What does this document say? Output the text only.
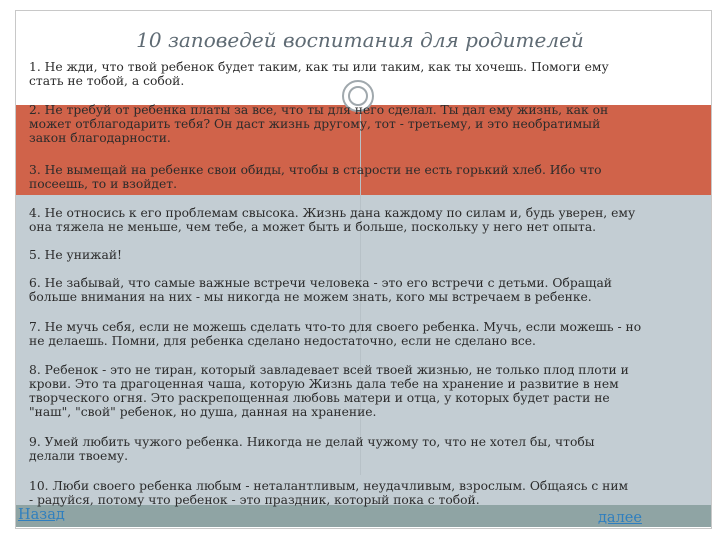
10 заповедей воспитания для родителей
1. Не жди, что твой ребенок будет таким, как ты или таким, как ты хочешь. Помоги ему
стать не тобой, а собой.
2. Не требуй от ребенка платы за все, что ты для него сделал. Ты дал ему жизнь, как он
может отблагодарить тебя? Он даст жизнь другому, тот - третьему, и это необратимый
закон благодарности.
3. Не вымещай на ребенке свои обиды, чтобы в старости не есть горький хлеб. Ибо что
посеешь, то и взойдет.
4. Не относись к его проблемам свысока. Жизнь дана каждому по силам и, будь уверен, ему
она тяжела не меньше, чем тебе, а может быть и больше, поскольку у него нет опыта.
5. Не унижай!
6. Не забывай, что самые важные встречи человека - это его встречи с детьми. Обращай
больше внимания на них - мы никогда не можем знать, кого мы встречаем в ребенке.
7. Не мучь себя, если не можешь сделать что-то для своего ребенка. Мучь, если можешь - но
не делаешь. Помни, для ребенка сделано недостаточно, если не сделано все.
8. Ребенок - это не тиран, который завладевает всей твоей жизнью, не только плод плоти и
крови. Это та драгоценная чаша, которую Жизнь дала тебе на хранение и развитие в нем
творческого огня. Это раскрепощенная любовь матери и отца, у которых будет расти не
"наш", "свой" ребенок, но душа, данная на хранение.
9. Умей любить чужого ребенка. Никогда не делай чужому то, что не хотел бы, чтобы
делали твоему.
10. Люби своего ребенка любым - неталантливым, неудачливым, взрослым. Общаясь с ним
- радуйся, потому что ребенок - это праздник, который пока с тобой.
Назад	далее
